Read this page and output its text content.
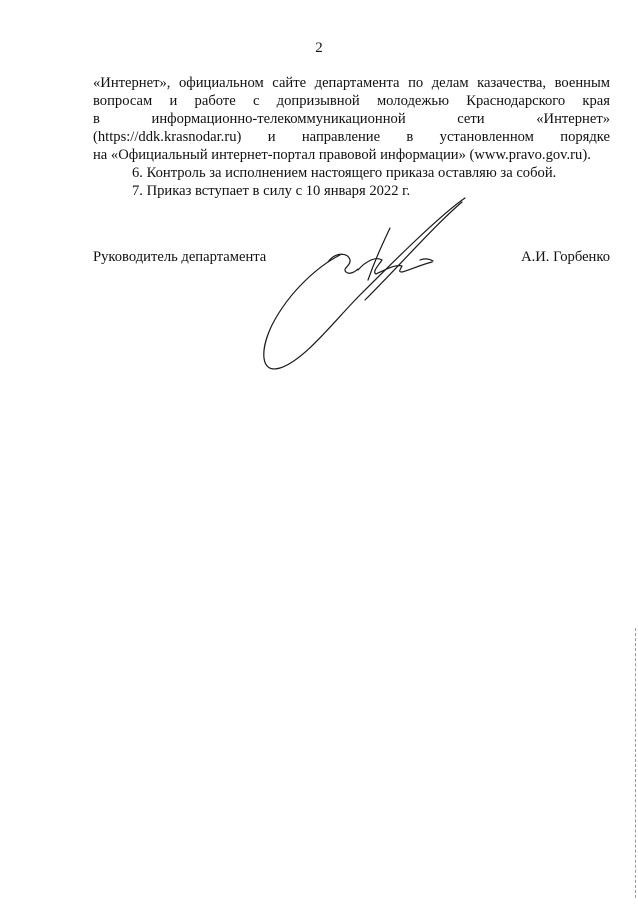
2
«Интернет», официальном сайте департамента по делам казачества, военным
вопросам и работе с допризывной молодежью Краснодарского края
в информационно-телекоммуникационной сети «Интернет»
(https://ddk.krasnodar.ru) и направление в установленном порядке
на «Официальный интернет-портал правовой информации» (www.pravo.gov.ru).
6. Контроль за исполнением настоящего приказа оставляю за собой.
7. Приказ вступает в силу с 10 января 2022 г.
Руководитель департамента	А.И. Горбенко
